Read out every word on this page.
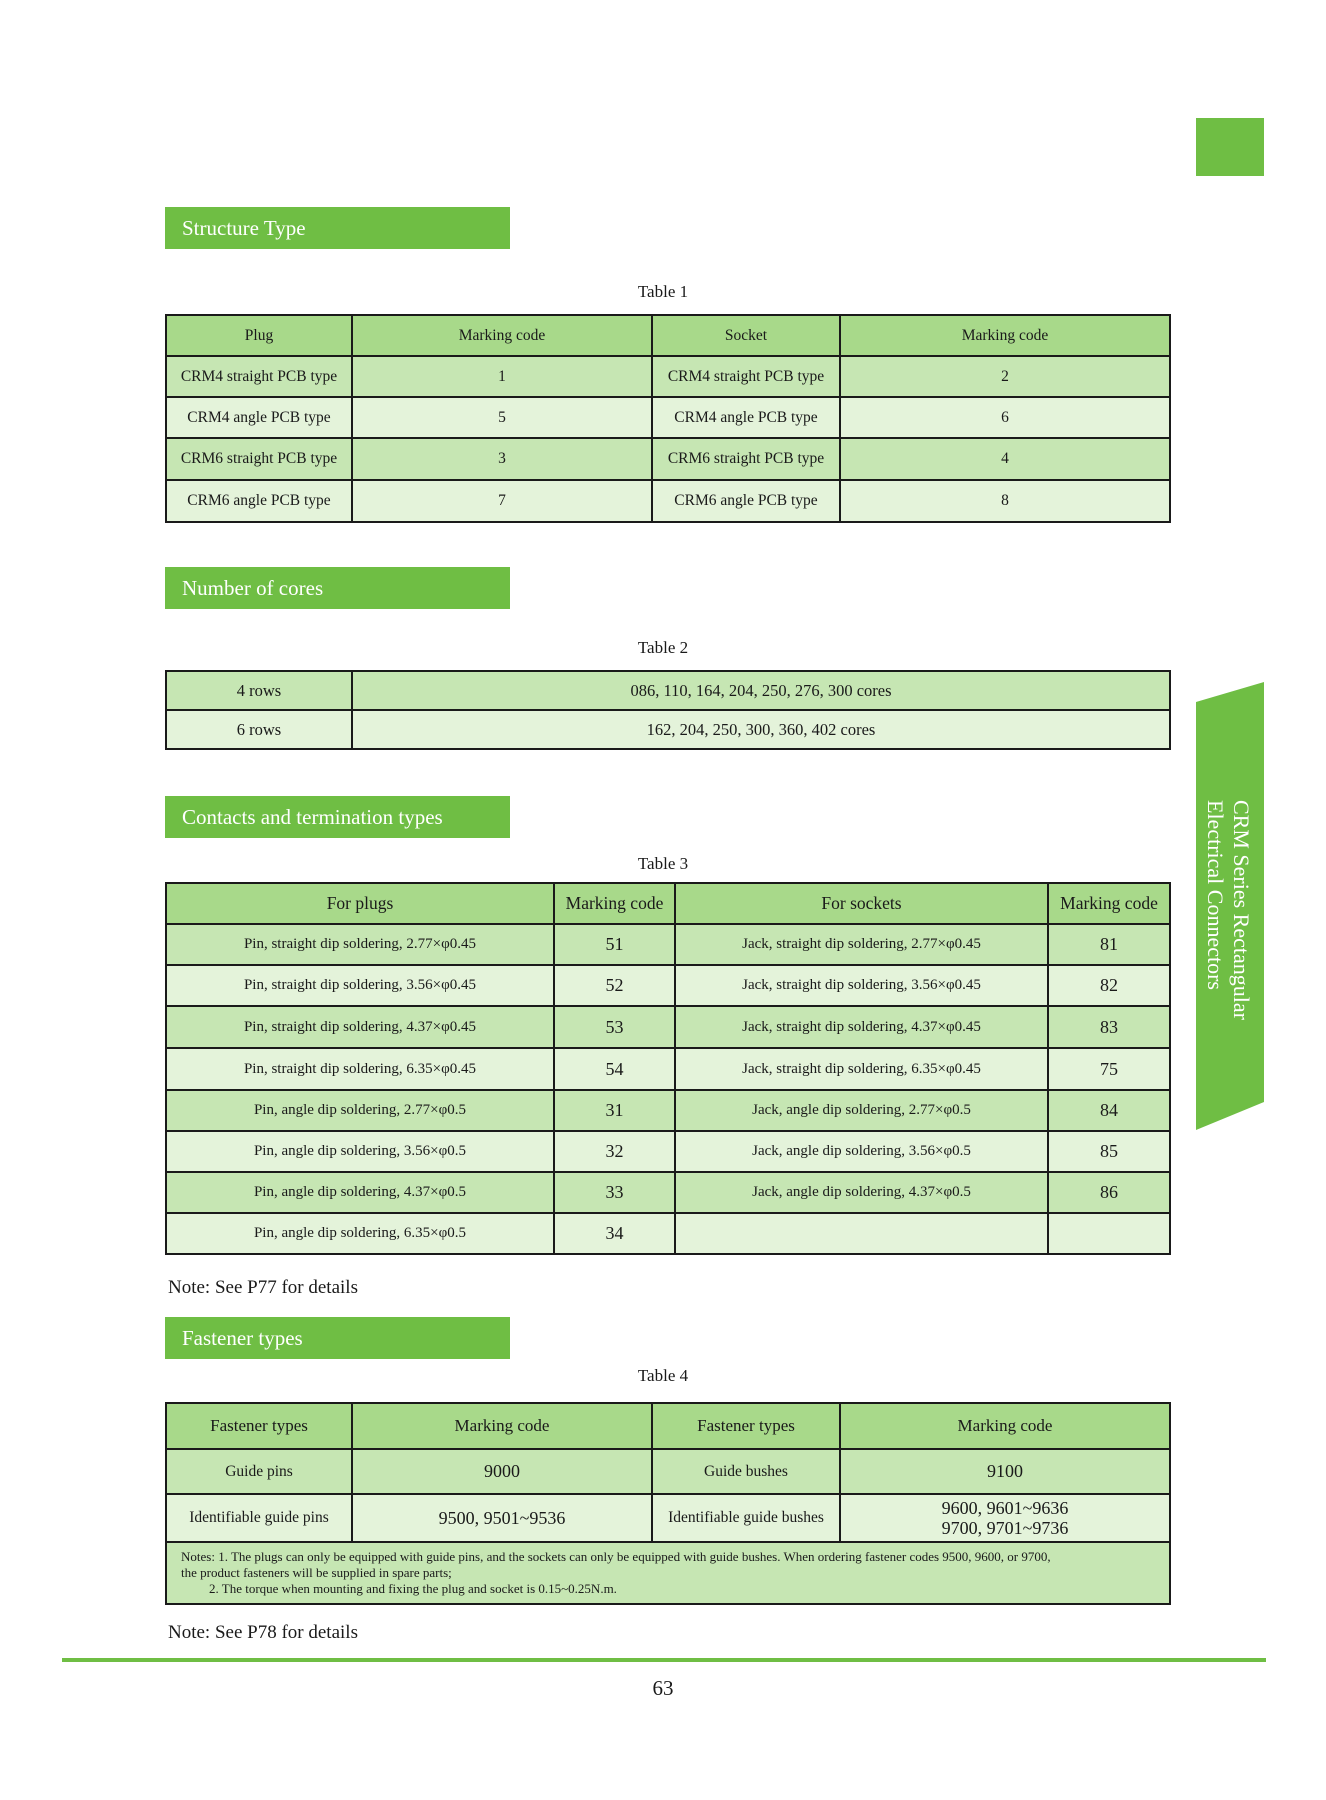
CRM Series Rectangular
Electrical Connectors
Structure Type
Table 1
Plug	Marking code	Socket	Marking code
CRM4 straight PCB type	1	CRM4 straight PCB type	2
CRM4 angle PCB type	5	CRM4 angle PCB type	6
CRM6 straight PCB type	3	CRM6 straight PCB type	4
CRM6 angle PCB type	7	CRM6 angle PCB type	8
Number of cores
Table 2
4 rows	086, 110, 164, 204, 250, 276, 300 cores
6 rows	162, 204, 250, 300, 360, 402 cores
Contacts and termination types
Table 3
For plugs	Marking code	For sockets	Marking code
Pin, straight dip soldering, 2.77×φ0.45	51	Jack, straight dip soldering, 2.77×φ0.45	81
Pin, straight dip soldering, 3.56×φ0.45	52	Jack, straight dip soldering, 3.56×φ0.45	82
Pin, straight dip soldering, 4.37×φ0.45	53	Jack, straight dip soldering, 4.37×φ0.45	83
Pin, straight dip soldering, 6.35×φ0.45	54	Jack, straight dip soldering, 6.35×φ0.45	75
Pin, angle dip soldering, 2.77×φ0.5	31	Jack, angle dip soldering, 2.77×φ0.5	84
Pin, angle dip soldering, 3.56×φ0.5	32	Jack, angle dip soldering, 3.56×φ0.5	85
Pin, angle dip soldering, 4.37×φ0.5	33	Jack, angle dip soldering, 4.37×φ0.5	86
Pin, angle dip soldering, 6.35×φ0.5	34		
Note: See P77 for details
Fastener types
Table 4
Fastener types	Marking code	Fastener types	Marking code
Guide pins	9000	Guide bushes	9100
Identifiable guide pins	9500, 9501~9536	Identifiable guide bushes	9600, 9601~9636
9700, 9701~9736

Notes: 1. The plugs can only be equipped with guide pins, and the sockets can only be equipped with guide bushes. When ordering fastener codes 9500, 9600, or 9700,
the product fasteners will be supplied in spare parts;
2. The torque when mounting and fixing the plug and socket is 0.15~0.25N.m.			
Note: See P78 for details
63
